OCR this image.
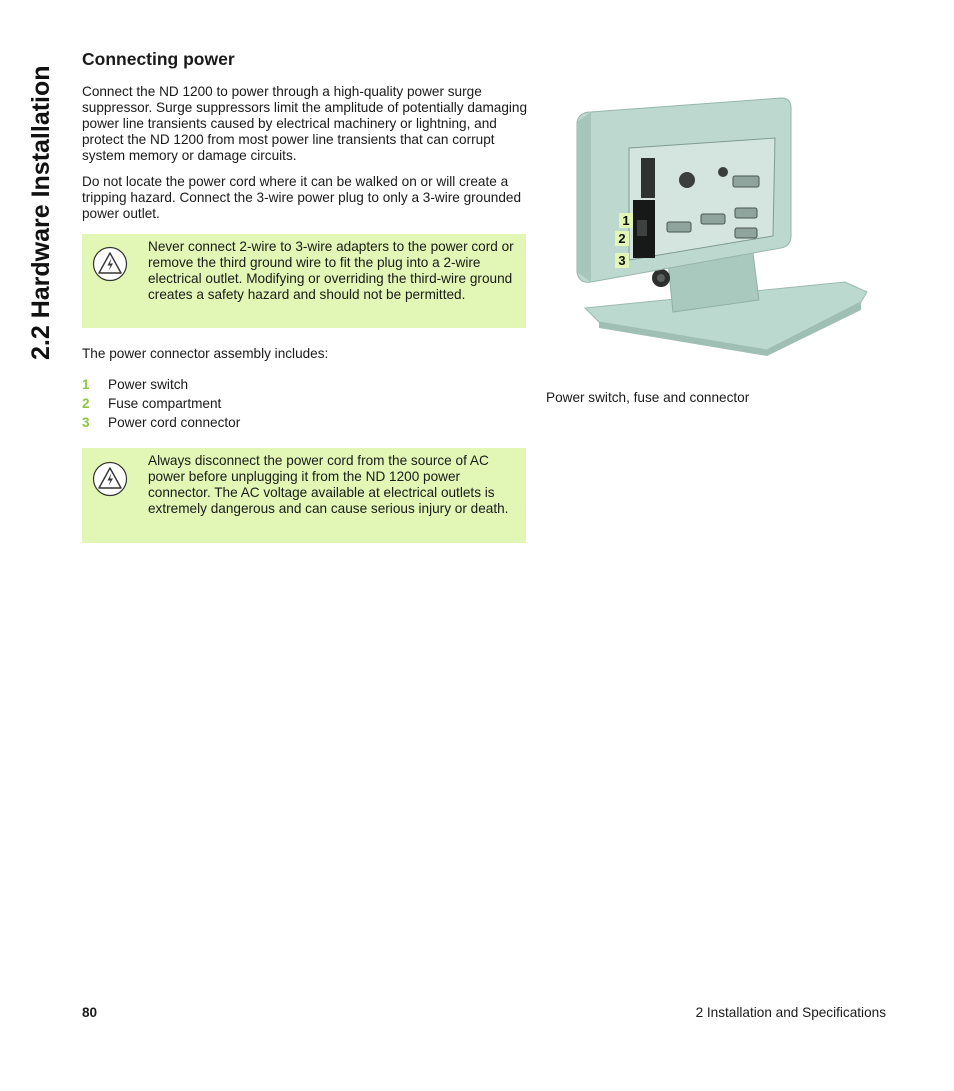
2.2 Hardware Installation
Connecting power

Connect the ND 1200 to power through a high-quality power surge suppressor. Surge suppressors limit the amplitude of potentially damaging power line transients caused by electrical machinery or lightning, and protect the ND 1200 from most power line transients that can corrupt system memory or damage circuits.

Do not locate the power cord where it can be walked on or will create a tripping hazard. Connect the 3-wire power plug to only a 3-wire grounded power outlet.

Never connect 2-wire to 3-wire adapters to the power cord or remove the third ground wire to fit the plug into a 2-wire electrical outlet. Modifying or overriding the third-wire ground creates a safety hazard and should not be permitted.

The power connector assembly includes:

1 Power switch
2 Fuse compartment
3 Power cord connector

Always disconnect the power cord from the source of AC power before unplugging it from the ND 1200 power connector. The AC voltage available at electrical outlets is extremely dangerous and can cause serious injury or death.

1
2
3

Power switch, fuse and connector

80	2 Installation and Specifications
